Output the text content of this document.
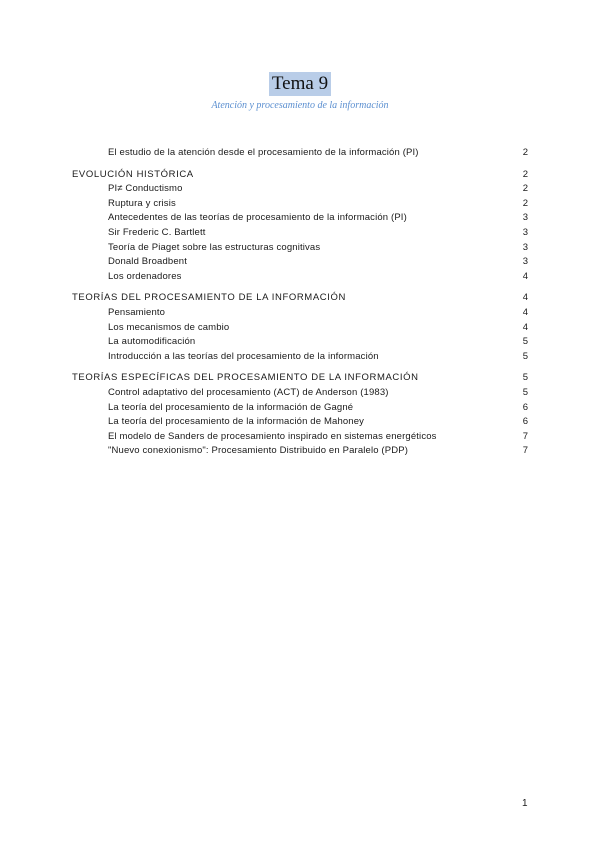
Tema 9
Atención y procesamiento de la información
El estudio de la atención desde el procesamiento de la información (PI)	2
EVOLUCIÓN HISTÓRICA	2
PI≠ Conductismo	2
Ruptura y crisis	2
Antecedentes de las teorías de procesamiento de la información (PI)	3
Sir Frederic C. Bartlett	3
Teoría de Piaget sobre las estructuras cognitivas	3
Donald Broadbent	3
Los ordenadores	4
TEORÍAS DEL PROCESAMIENTO DE LA INFORMACIÓN	4
Pensamiento	4
Los mecanismos de cambio	4
La automodificación	5
Introducción a las teorías del procesamiento de la información	5
TEORÍAS ESPECÍFICAS DEL PROCESAMIENTO DE LA INFORMACIÓN	5
Control adaptativo del procesamiento (ACT) de Anderson (1983)	5
La teoría del procesamiento de la información de Gagné	6
La teoría del procesamiento de la información de Mahoney	6
El modelo de Sanders de procesamiento inspirado en sistemas energéticos	7
"Nuevo conexionismo": Procesamiento Distribuido en Paralelo (PDP)	7
1
